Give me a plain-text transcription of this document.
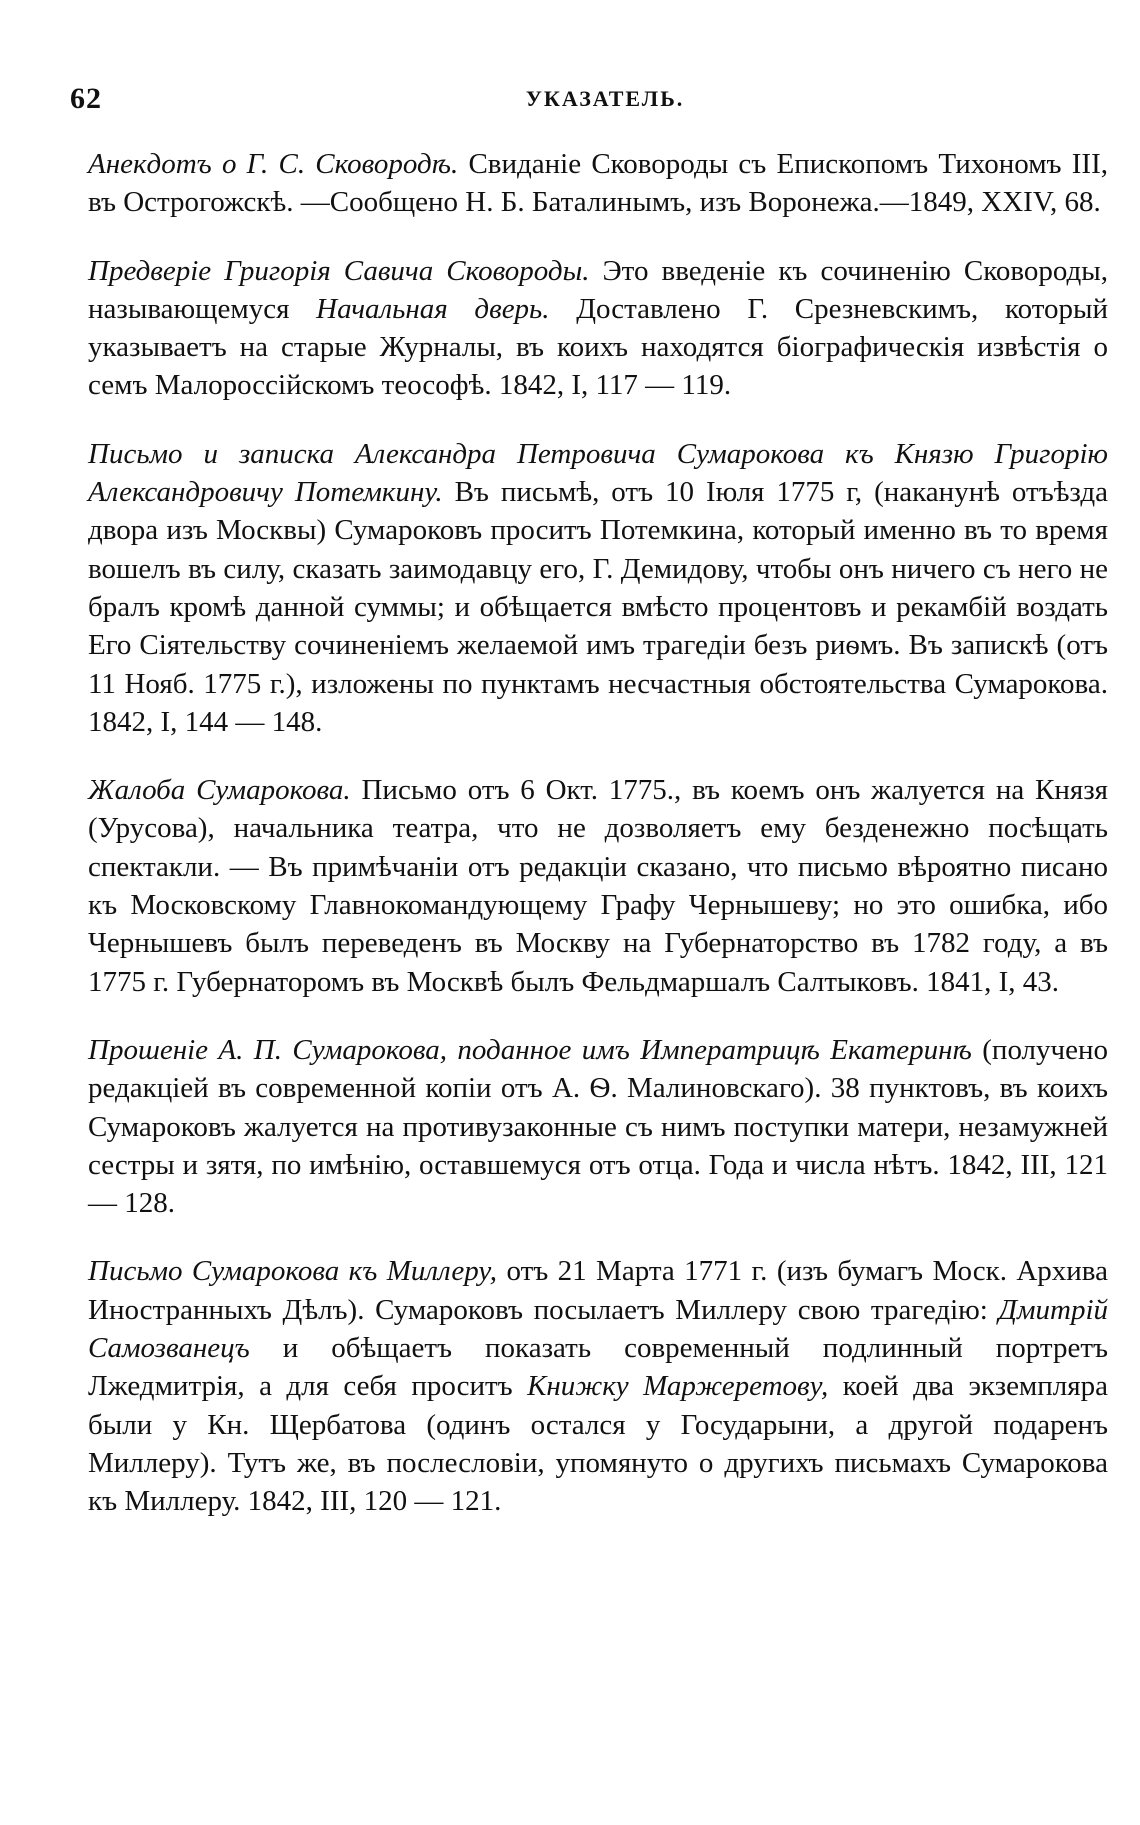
62	УКАЗАТЕЛЬ.

Анекдотъ о Г. С. Сковородѣ. Свиданіе Сковороды съ Епископомъ Тихономъ III, въ Острогожскѣ. —Сообщено Н. Б. Баталинымъ, изъ Воронежа.—1849, XXIV, 68.

Предверіе Григорія Савича Сковороды. Это введеніе къ сочиненію Сковороды, называющемуся Начальная дверь. Доставлено Г. Срезневскимъ, который указываетъ на старые Журналы, въ коихъ находятся біографическія извѣстія о семъ Малороссійскомъ теософѣ. 1842, I, 117 — 119.

Письмо и записка Александра Петровича Сумарокова къ Князю Григорію Александровичу Потемкину. Въ письмѣ, отъ 10 Іюля 1775 г, (наканунѣ отъѣзда двора изъ Москвы) Сумароковъ проситъ Потемкина, который именно въ то время вошелъ въ силу, сказать заимодавцу его, Г. Демидову, чтобы онъ ничего съ него не бралъ кромѣ данной суммы; и обѣщается вмѣсто процентовъ и рекамбій воздать Его Сіятельству сочиненіемъ желаемой имъ трагедіи безъ риѳмъ. Въ запискѣ (отъ 11 Нояб. 1775 г.), изложены по пунктамъ несчастныя обстоятельства Сумарокова. 1842, I, 144 — 148.

Жалоба Сумарокова. Письмо отъ 6 Окт. 1775., въ коемъ онъ жалуется на Князя (Урусова), начальника театра, что не дозволяетъ ему безденежно посѣщать спектакли. — Въ примѣчаніи отъ редакціи сказано, что письмо вѣроятно писано къ Московскому Главнокомандующему Графу Чернышеву; но это ошибка, ибо Чернышевъ былъ переведенъ въ Москву на Губернаторство въ 1782 году, а въ 1775 г. Губернаторомъ въ Москвѣ былъ Фельдмаршалъ Салтыковъ. 1841, I, 43.

Прошеніе А. П. Сумарокова, поданное имъ Императрицѣ Екатеринѣ (получено редакціей въ современной копіи отъ А. Ѳ. Малиновскаго). 38 пунктовъ, въ коихъ Сумароковъ жалуется на противузаконные съ нимъ поступки матери, незамужней сестры и зятя, по имѣнію, оставшемуся отъ отца. Года и числа нѣтъ. 1842, III, 121 — 128.

Письмо Сумарокова къ Миллеру, отъ 21 Марта 1771 г. (изъ бумагъ Моск. Архива Иностранныхъ Дѣлъ). Сумароковъ посылаетъ Миллеру свою трагедію: Дмитрій Самозванецъ и обѣщаетъ показать современный подлинный портретъ Лжедмитрія, а для себя проситъ Книжку Маржеретову, коей два экземпляра были у Кн. Щербатова (одинъ остался у Государыни, а другой подаренъ Миллеру). Тутъ же, въ послесловіи, упомянуто о другихъ письмахъ Сумарокова къ Миллеру. 1842, III, 120 — 121.
